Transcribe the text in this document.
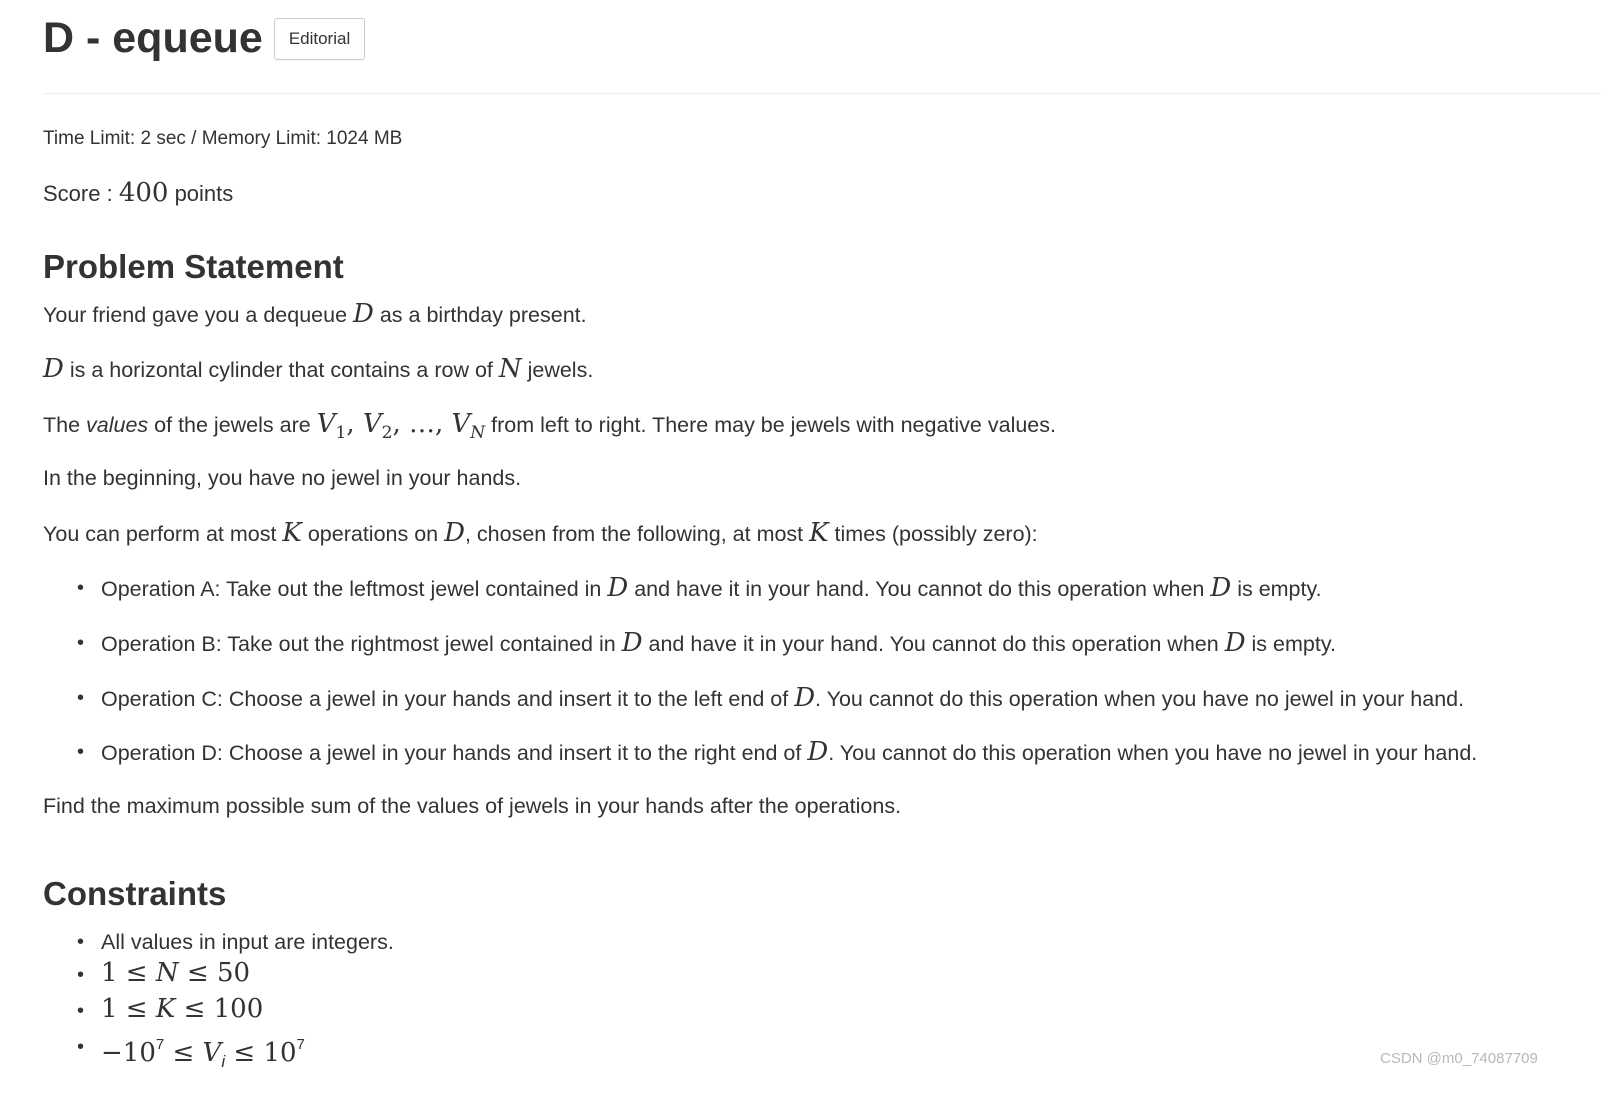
D - equeue	Editorial
Time Limit: 2 sec / Memory Limit: 1024 MB
Score : 400 points
Problem Statement
Your friend gave you a dequeue D as a birthday present.
D is a horizontal cylinder that contains a row of N jewels.
The values of the jewels are $V_1$, $V_2$, …, $V_N$ from left to right. There may be jewels with negative values.
In the beginning, you have no jewel in your hands.
You can perform at most K operations on D, chosen from the following, at most K times (possibly zero):
• Operation A: Take out the leftmost jewel contained in D and have it in your hand. You cannot do this operation when D is empty.
• Operation B: Take out the rightmost jewel contained in D and have it in your hand. You cannot do this operation when D is empty.
• Operation C: Choose a jewel in your hands and insert it to the left end of D. You cannot do this operation when you have no jewel in your hand.
• Operation D: Choose a jewel in your hands and insert it to the right end of D. You cannot do this operation when you have no jewel in your hand.
Find the maximum possible sum of the values of jewels in your hands after the operations.
Constraints
• All values in input are integers.
• 1 ≤ N ≤ 50
• 1 ≤ K ≤ 100
• $-10^7 \le V_i \le 10^7$
CSDN @m0_74087709
